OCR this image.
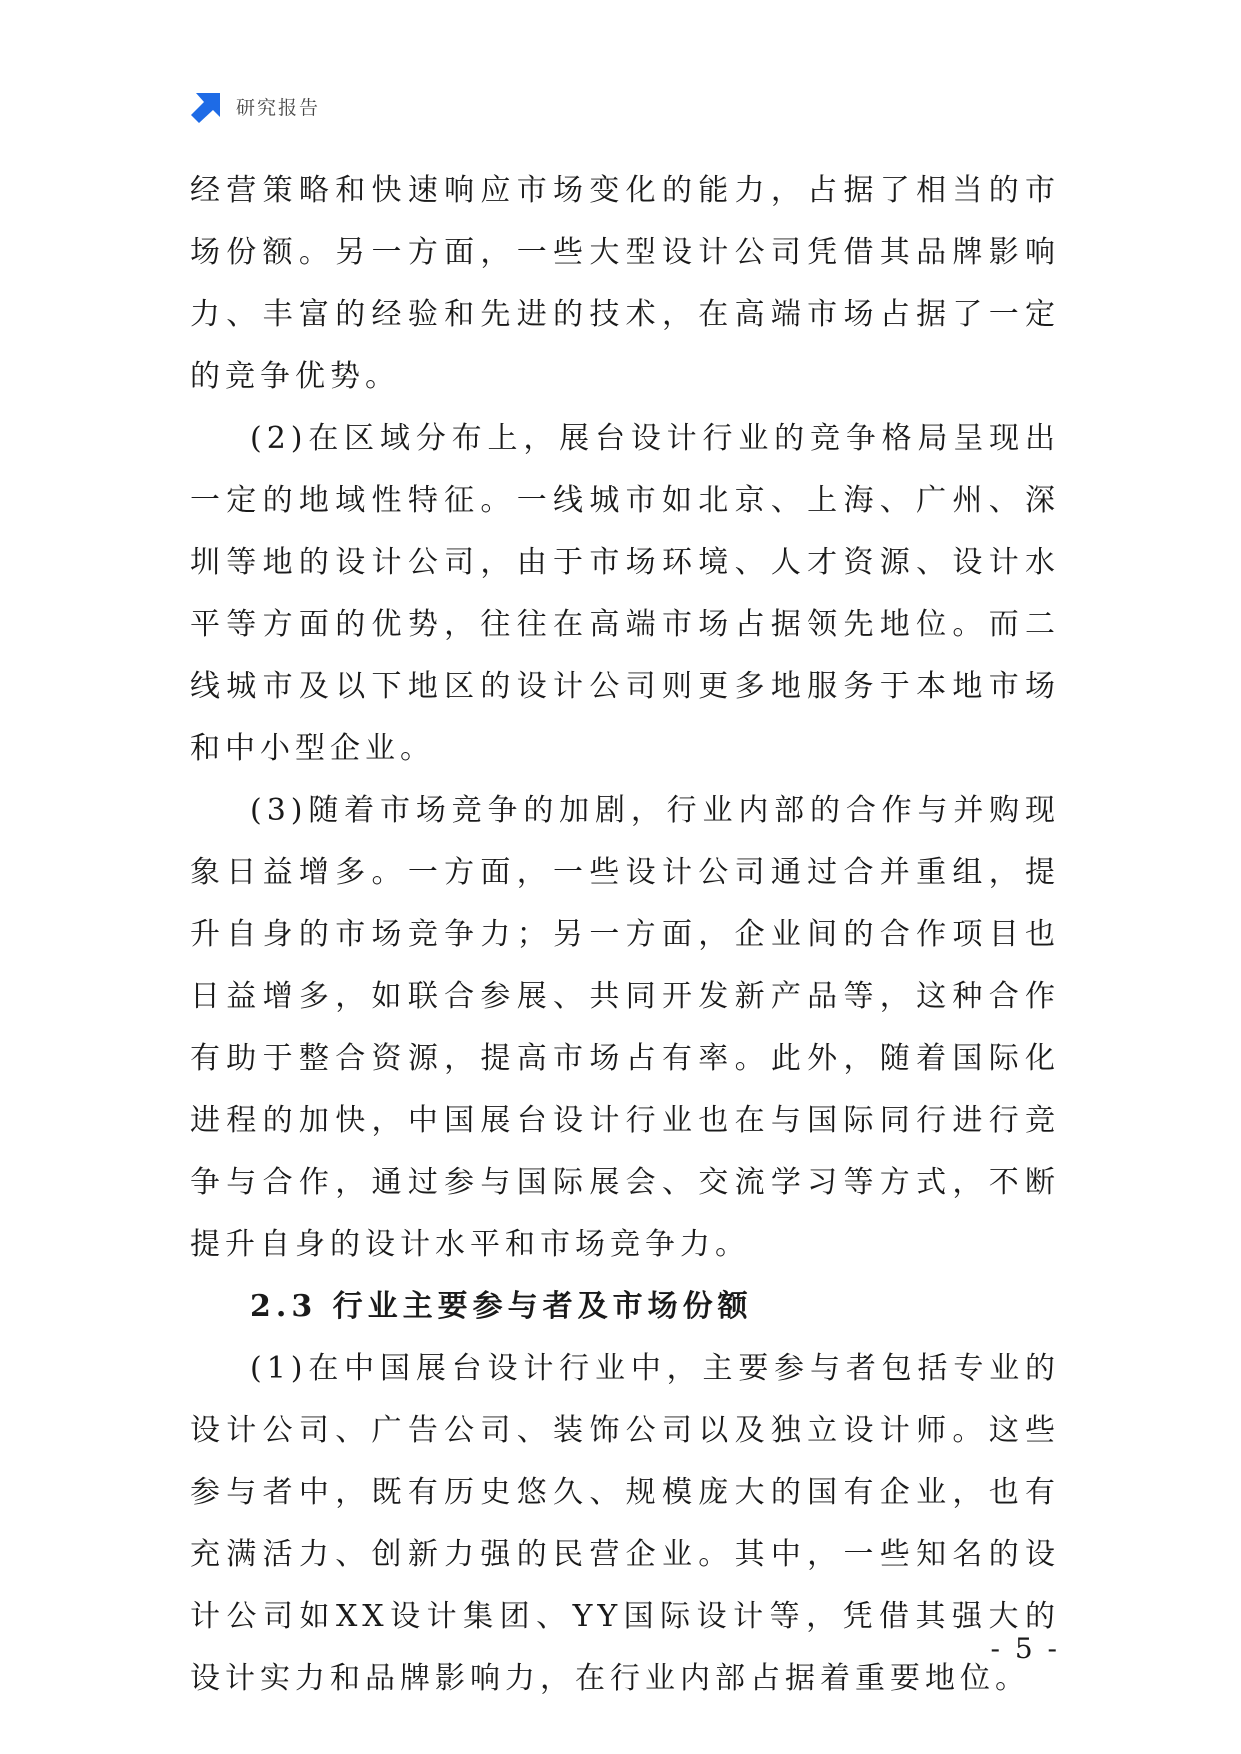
研究报告

经营策略和快速响应市场变化的能力，占据了相当的市场份额。另一方面，一些大型设计公司凭借其品牌影响力、丰富的经验和先进的技术，在高端市场占据了一定的竞争优势。

(2)在区域分布上，展台设计行业的竞争格局呈现出一定的地域性特征。一线城市如北京、上海、广州、深圳等地的设计公司，由于市场环境、人才资源、设计水平等方面的优势，往往在高端市场占据领先地位。而二线城市及以下地区的设计公司则更多地服务于本地市场和中小型企业。

(3)随着市场竞争的加剧，行业内部的合作与并购现象日益增多。一方面，一些设计公司通过合并重组，提升自身的市场竞争力；另一方面，企业间的合作项目也日益增多，如联合参展、共同开发新产品等，这种合作有助于整合资源，提高市场占有率。此外，随着国际化进程的加快，中国展台设计行业也在与国际同行进行竞争与合作，通过参与国际展会、交流学习等方式，不断提升自身的设计水平和市场竞争力。

2.3 行业主要参与者及市场份额

(1)在中国展台设计行业中，主要参与者包括专业的设计公司、广告公司、装饰公司以及独立设计师。这些参与者中，既有历史悠久、规模庞大的国有企业，也有充满活力、创新力强的民营企业。其中，一些知名的设计公司如XX设计集团、YY国际设计等，凭借其强大的设计实力和品牌影响力，在行业内部占据着重要地位。

- 5 -
